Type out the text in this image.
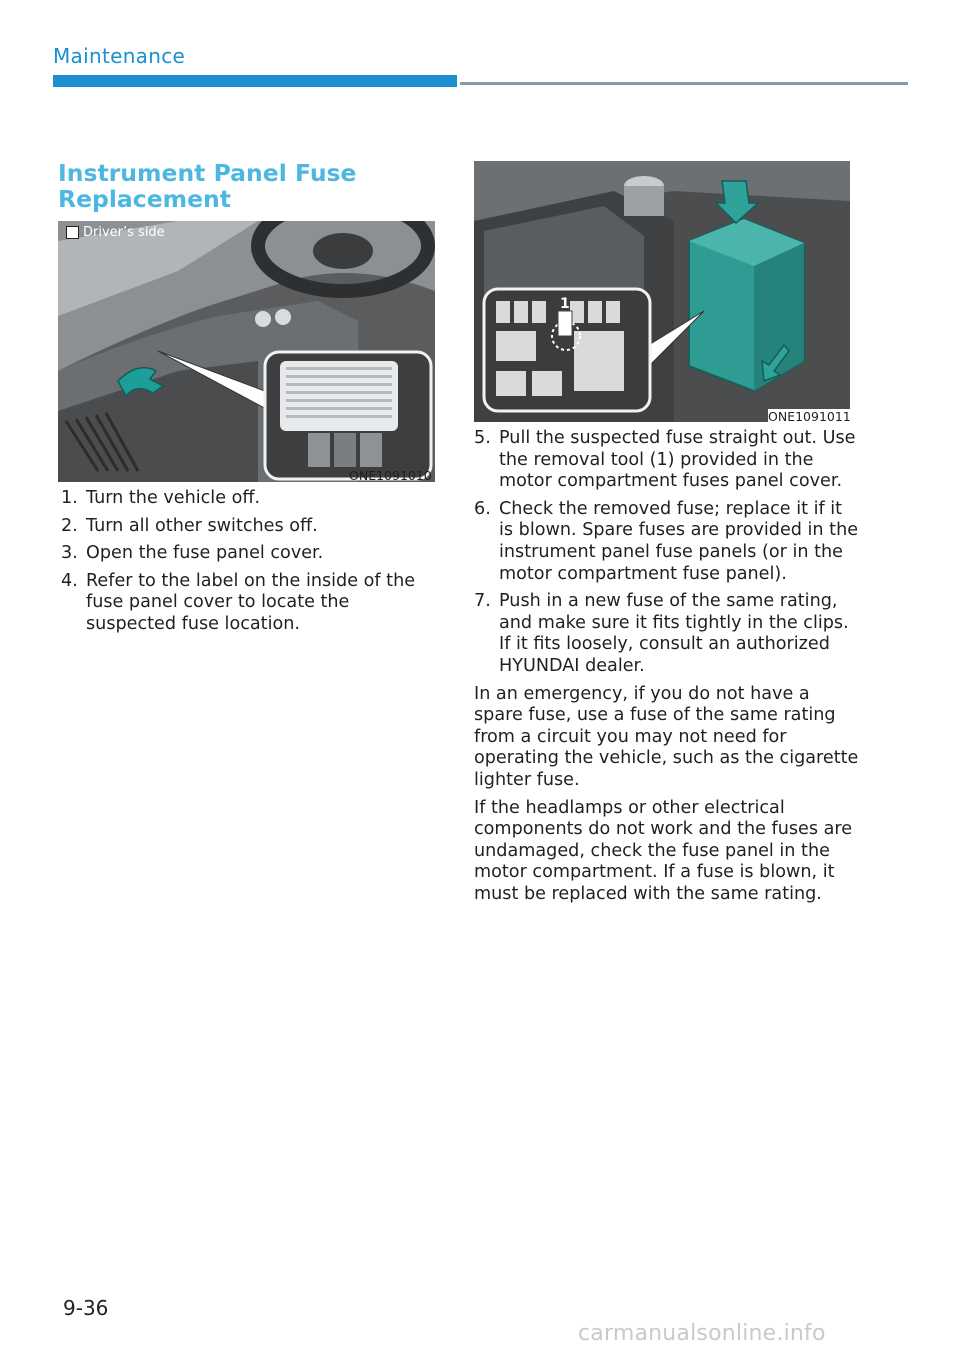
Maintenance
Instrument Panel Fuse Replacement
Driver’s side
ONE1091010
1
ONE1091011
1. Turn the vehicle off.
2. Turn all other switches off.
3. Open the fuse panel cover.
4. Refer to the label on the inside of the fuse panel cover to locate the suspected fuse location.
5. Pull the suspected fuse straight out. Use the removal tool (1) provided in the motor compartment fuses panel cover.
6. Check the removed fuse; replace it if it is blown. Spare fuses are provided in the instrument panel fuse panels (or in the motor compartment fuse panel).
7. Push in a new fuse of the same rating, and make sure it fits tightly in the clips. If it fits loosely, consult an authorized HYUNDAI dealer.

In an emergency, if you do not have a spare fuse, use a fuse of the same rating from a circuit you may not need for operating the vehicle, such as the cigarette lighter fuse.

If the headlamps or other electrical components do not work and the fuses are undamaged, check the fuse panel in the motor compartment. If a fuse is blown, it must be replaced with the same rating.

9-36
carmanualsonline.info
